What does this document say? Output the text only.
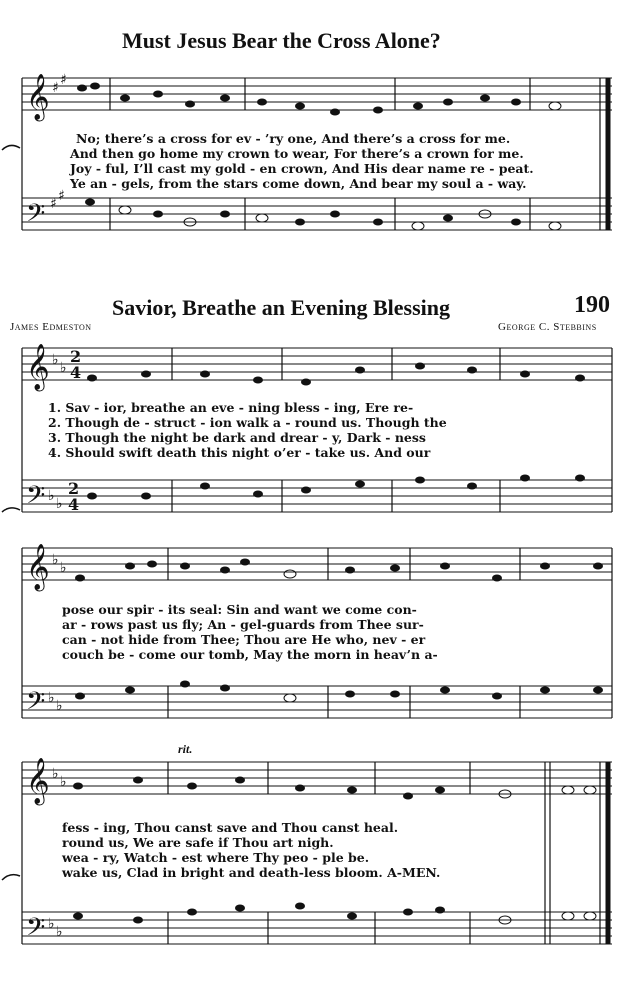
Must Jesus Bear the Cross Alone?
𝄞
𝄢
♯ ♯
♯ ♯
𝄞
𝄢
♭ ♭
♭ ♭
2
4
2
4
𝄞
𝄢
♭ ♭
♭ ♭
𝄞
𝄢
♭ ♭
♭ ♭
No; there’s a cross for ev - ’ry one, And there’s a cross for me.
And then go home my crown to wear, For there’s a crown for me.
Joy - ful, I’ll cast my gold - en crown, And His dear name re - peat.
Ye an - gels, from the stars come down, And bear my soul a - way.
Savior, Breathe an Evening Blessing	190
James Edmeston	George C. Stebbins
1. Sav - ior, breathe an eve - ning bless - ing, Ere re-
2. Though de - struct - ion walk a - round us. Though the
3. Though the night be dark and drear - y, Dark - ness
4. Should swift death this night o’er - take us. And our
pose our spir - its seal: Sin and want we come con-
ar - rows past us fly; An - gel-guards from Thee sur-
can - not hide from Thee; Thou are He who, nev - er
couch be - come our tomb, May the morn in heav’n a-
rit.
fess - ing, Thou canst save and Thou canst heal.
round us, We are safe if Thou art nigh.
wea - ry, Watch - est where Thy peo - ple be.
wake us, Clad in bright and death-less bloom. A-MEN.
